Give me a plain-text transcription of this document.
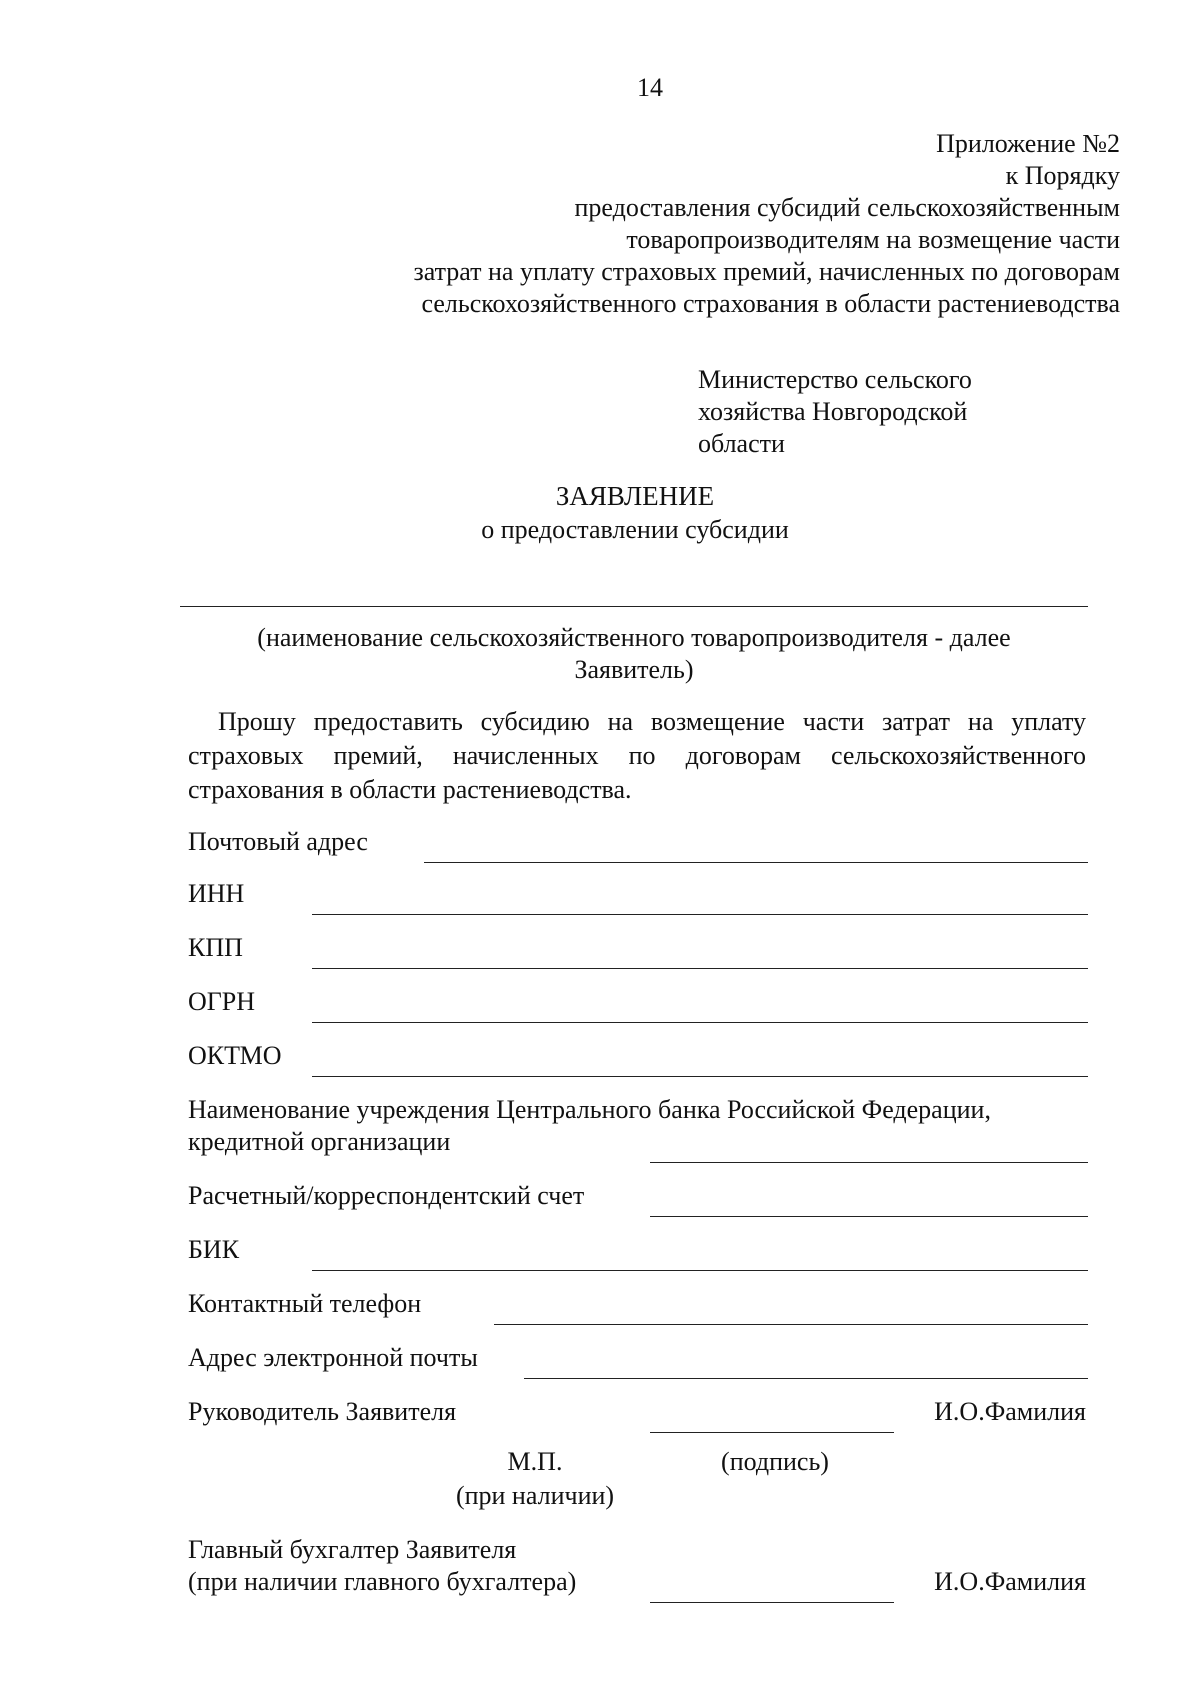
14
Приложение №2
к Порядку
предоставления субсидий сельскохозяйственным
товаропроизводителям на возмещение части
затрат на уплату страховых премий, начисленных по договорам
сельскохозяйственного страхования в области растениеводства
Министерство сельского
хозяйства Новгородской
области
ЗАЯВЛЕНИЕ
о предоставлении субсидии
(наименование сельскохозяйственного товаропроизводителя - далее
Заявитель)
Прошу предоставить субсидию на возмещение части затрат на уплату
страховых премий, начисленных по договорам сельскохозяйственного
страхования в области растениеводства.
Почтовый адрес
ИНН
КПП
ОГРН
ОКТМО
Наименование учреждения Центрального банка Российской Федерации,
кредитной организации
Расчетный/корреспондентский счет
БИК
Контактный телефон
Адрес электронной почты
Руководитель Заявителя	И.О.Фамилия
М.П.	(подпись)
(при наличии)
Главный бухгалтер Заявителя
(при наличии главного бухгалтера)	И.О.Фамилия
